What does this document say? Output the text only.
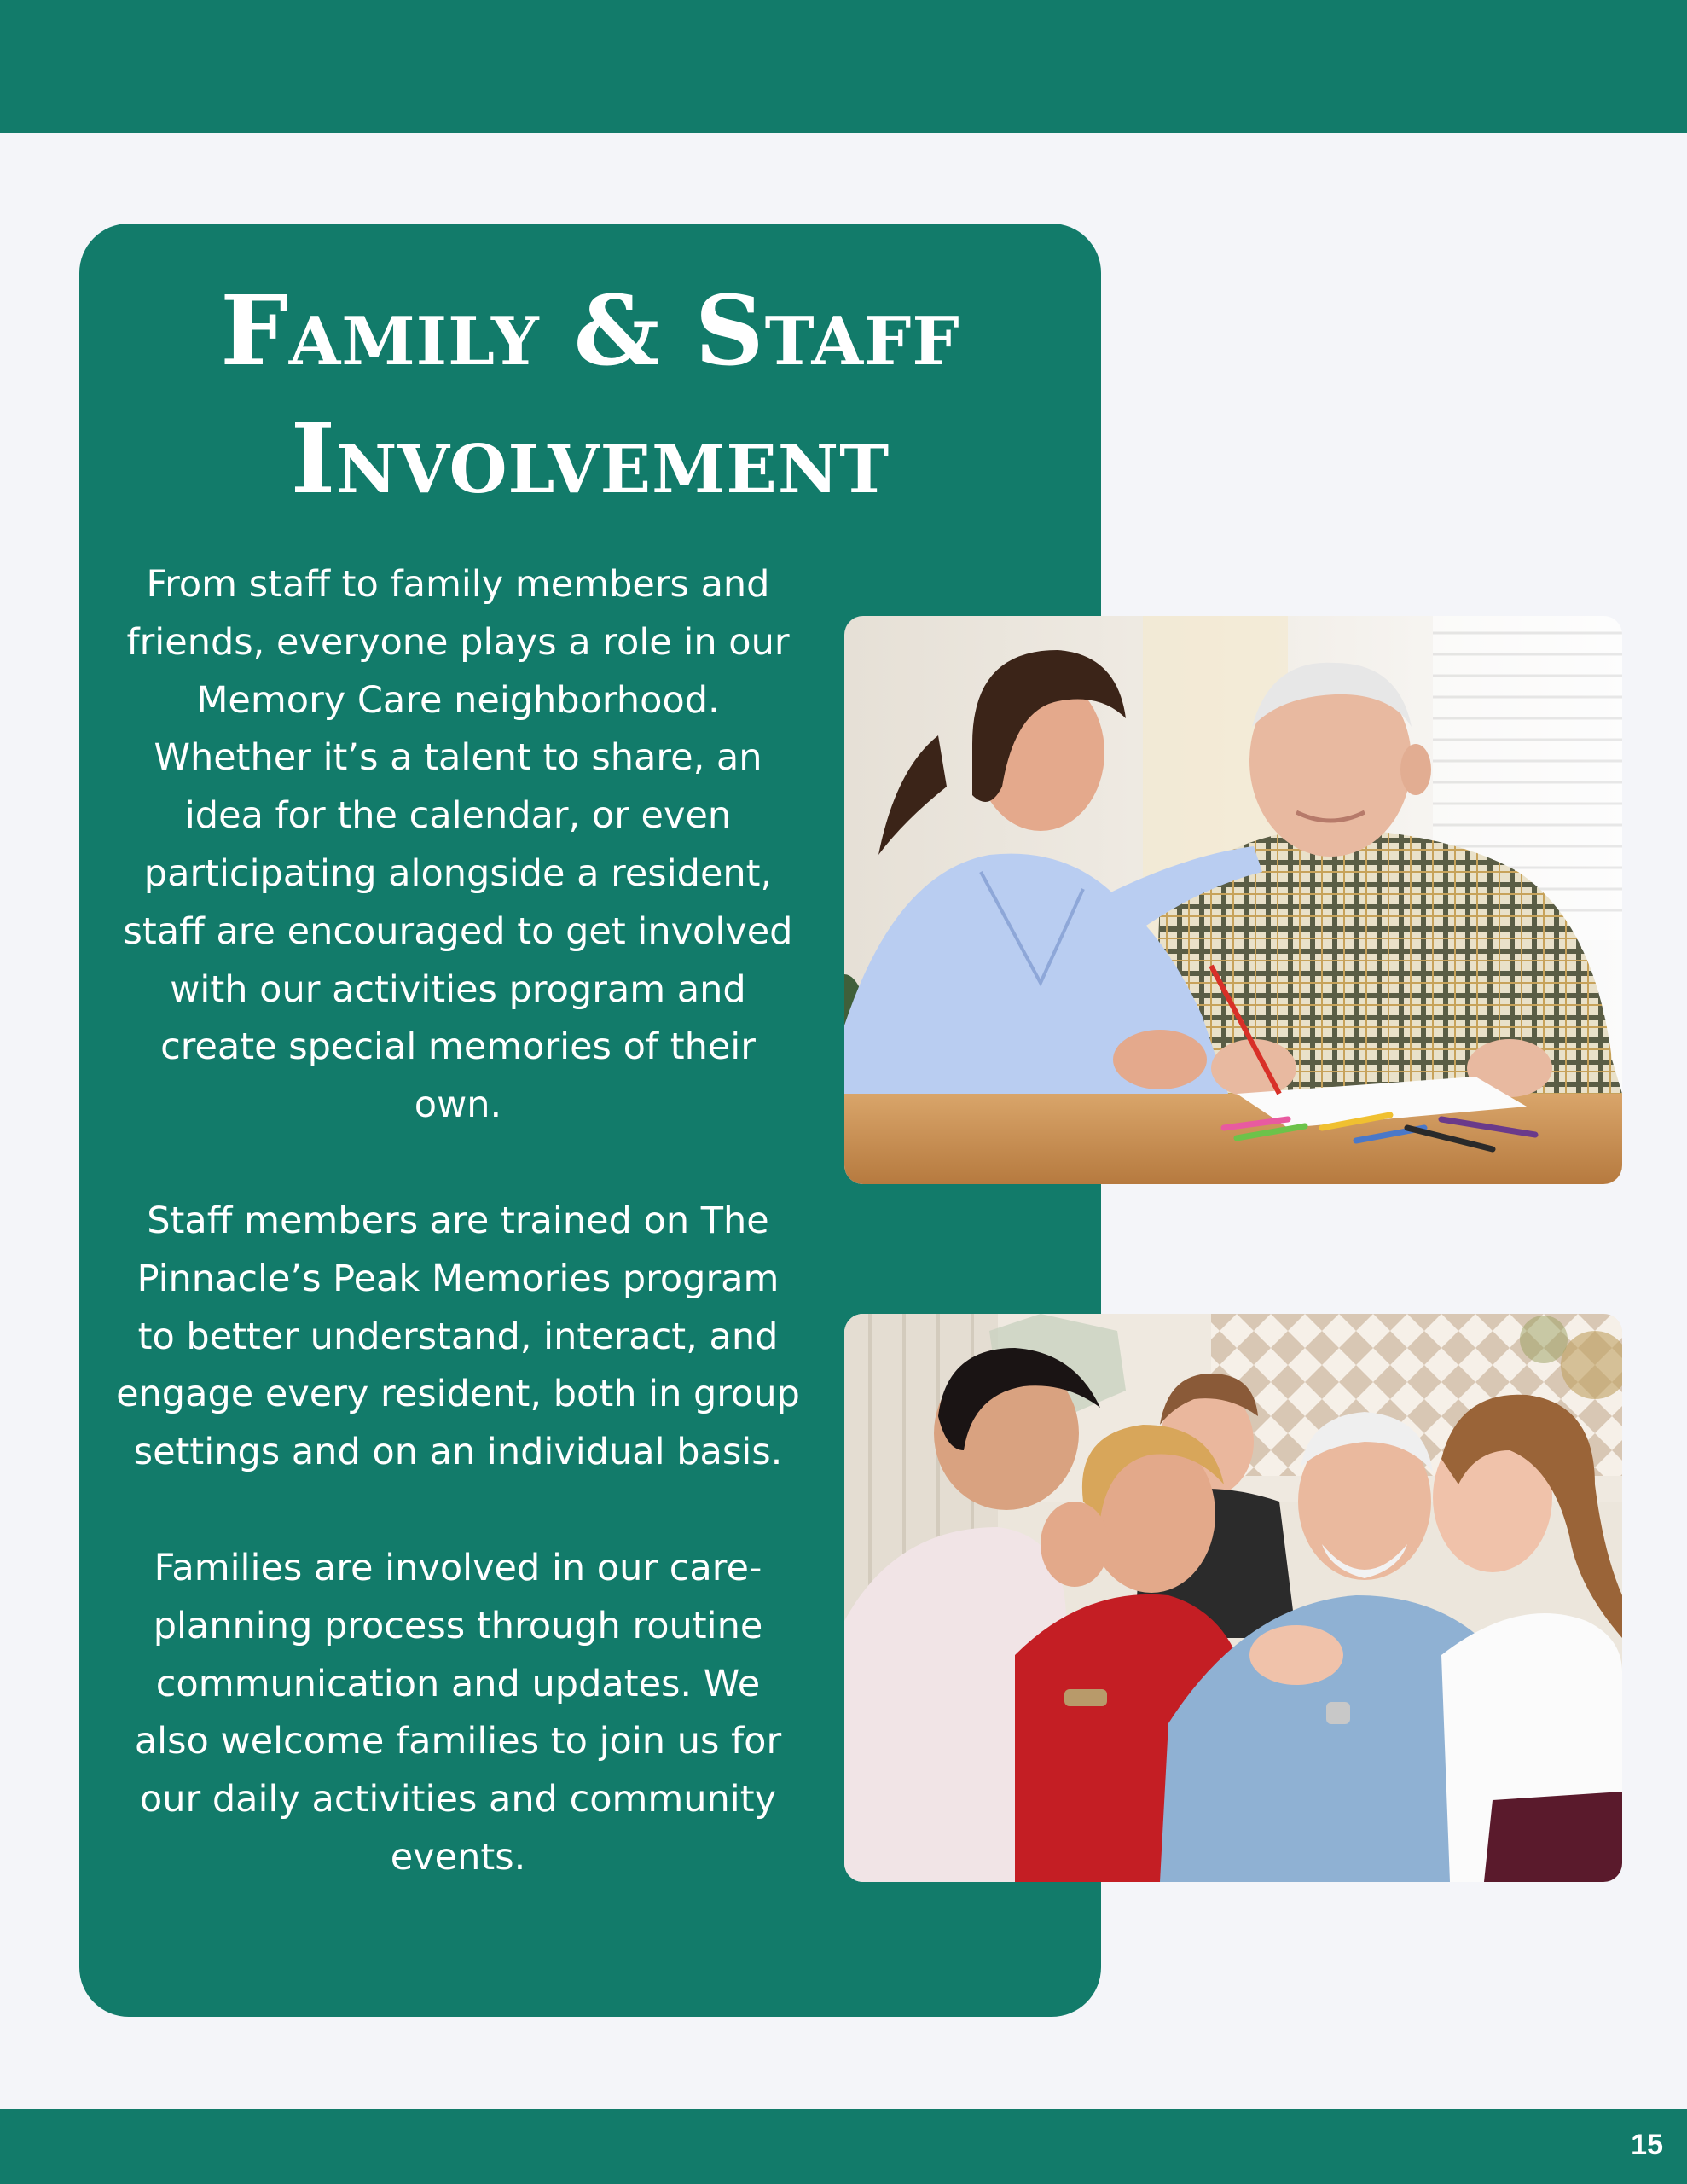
Family & Staff
Involvement

From staff to family members and friends, everyone plays a role in our Memory Care neighborhood. Whether it’s a talent to share, an idea for the calendar, or even participating alongside a resident, staff are encouraged to get involved with our activities program and create special memories of their own.

Staff members are trained on The Pinnacle’s Peak Memories program to better understand, interact, and engage every resident, both in group settings and on an individual basis.

Families are involved in our care-planning process through routine communication and updates. We also welcome families to join us for our daily activities and community events.

15
